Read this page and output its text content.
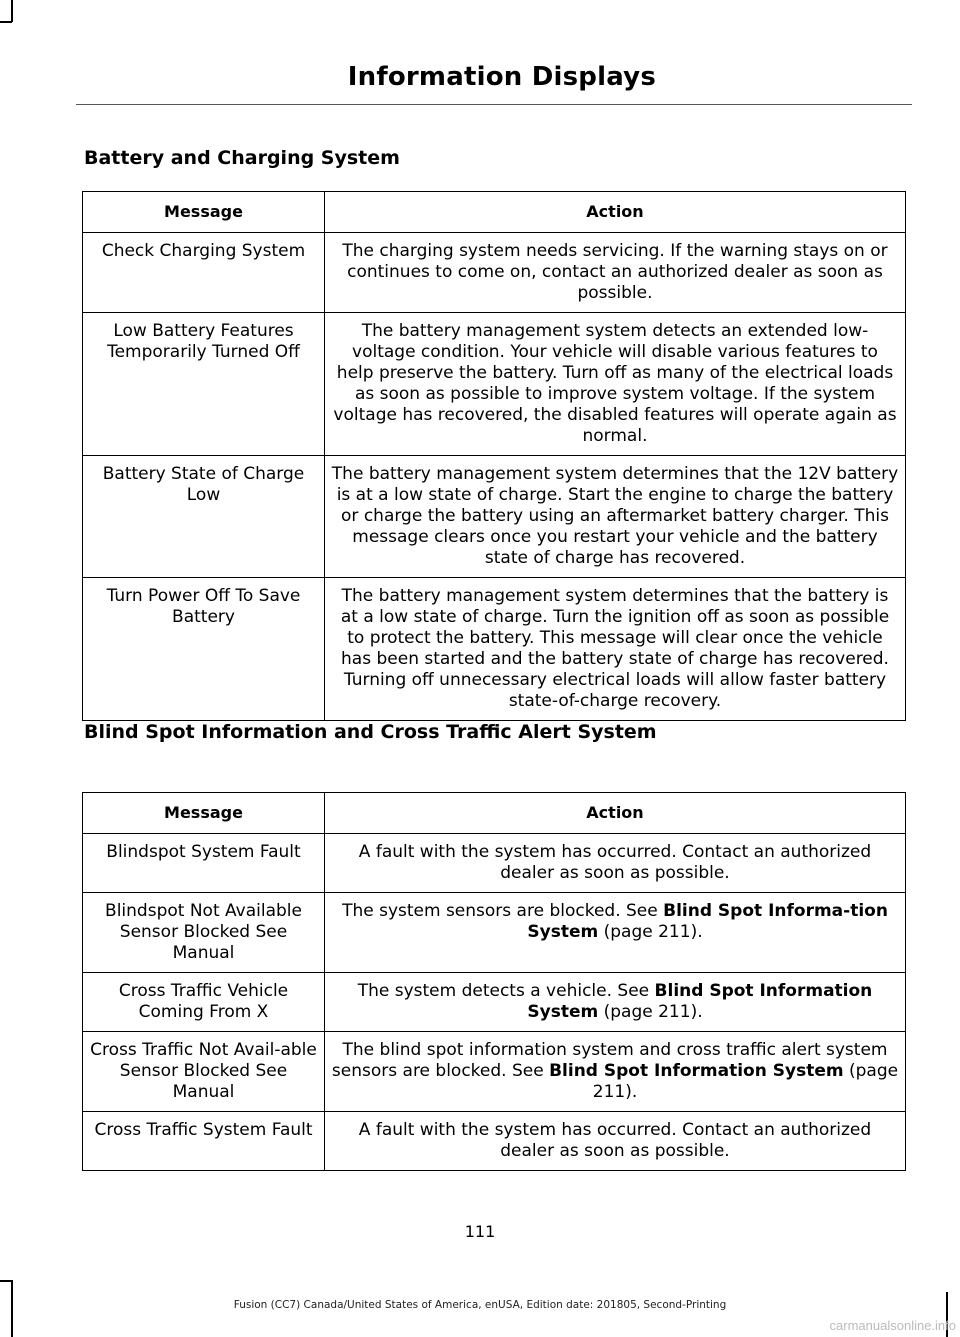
Information Displays
Battery and Charging System
Message	Action
Check Charging System	The charging system needs servicing. If the warning stays on or continues to come on, contact an authorized dealer as soon as possible.
Low Battery Features Temporarily Turned Off	The battery management system detects an extended low-voltage condition. Your vehicle will disable various features to help preserve the battery. Turn off as many of the electrical loads as soon as possible to improve system voltage. If the system voltage has recovered, the disabled features will operate again as normal.
Battery State of Charge Low	The battery management system determines that the 12V battery is at a low state of charge. Start the engine to charge the battery or charge the battery using an aftermarket battery charger. This message clears once you restart your vehicle and the battery state of charge has recovered.
Turn Power Off To Save Battery	The battery management system determines that the battery is at a low state of charge. Turn the ignition off as soon as possible to protect the battery. This message will clear once the vehicle has been started and the battery state of charge has recovered. Turning off unnecessary electrical loads will allow faster battery state-of-charge recovery.
Blind Spot Information and Cross Traffic Alert System
Message	Action
Blindspot System Fault	A fault with the system has occurred. Contact an authorized dealer as soon as possible.
Blindspot Not Available Sensor Blocked See Manual	The system sensors are blocked. See Blind Spot Informa-tion System (page 211).
Cross Traffic Vehicle Coming From X	The system detects a vehicle. See Blind Spot Information System (page 211).
Cross Traffic Not Avail-able Sensor Blocked See Manual	The blind spot information system and cross traffic alert system sensors are blocked. See Blind Spot Information System (page 211).
Cross Traffic System Fault	A fault with the system has occurred. Contact an authorized dealer as soon as possible.
111
Fusion (CC7) Canada/United States of America, enUSA, Edition date: 201805, Second-Printing
carmanualsonline.info
